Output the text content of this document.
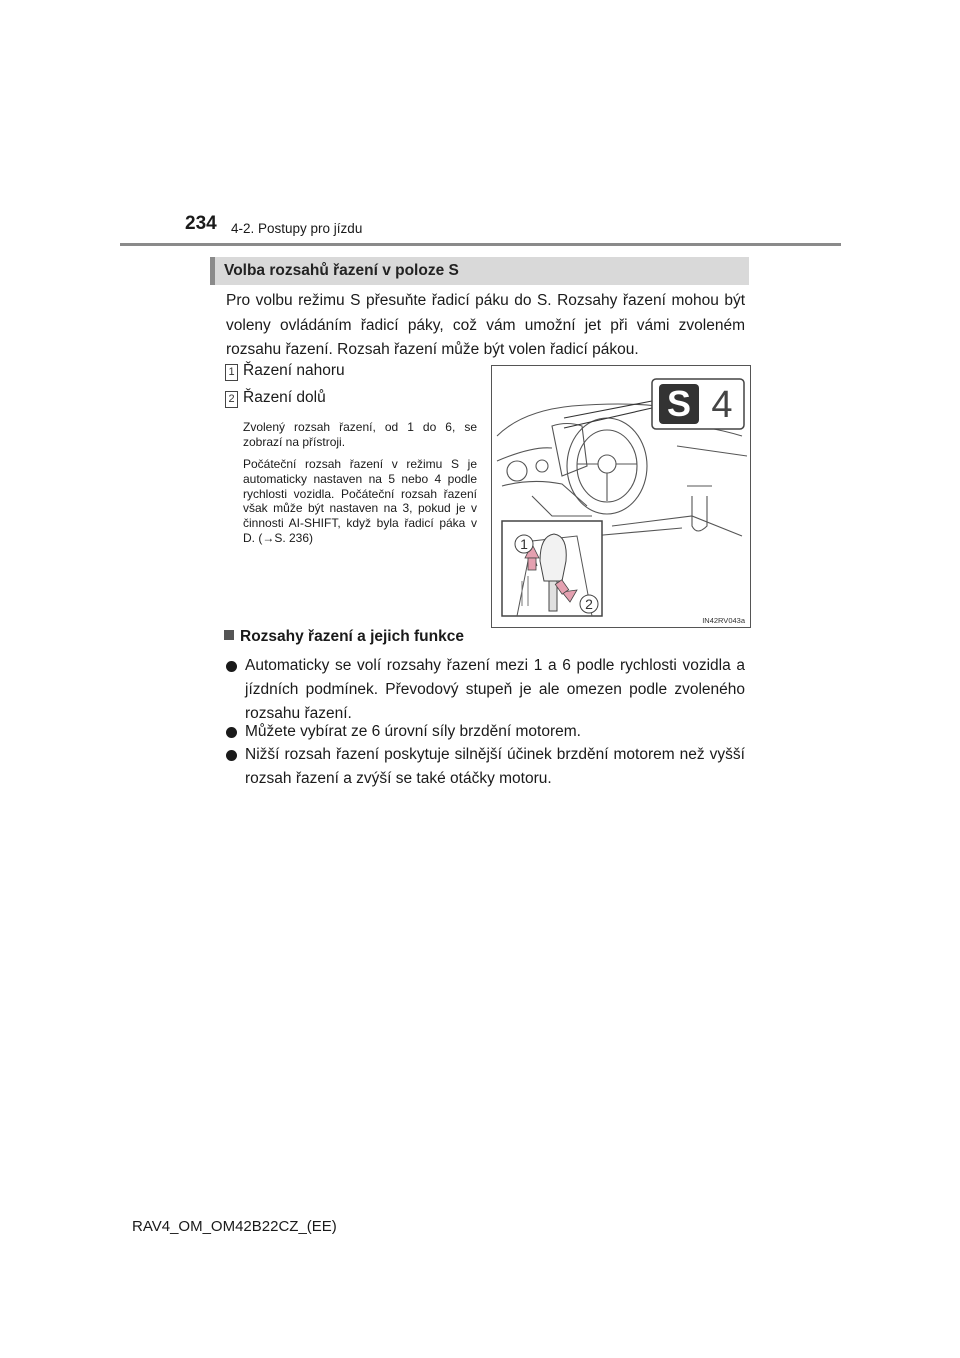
234 4-2. Postupy pro jízdu
Volba rozsahů řazení v poloze S
Pro volbu režimu S přesuňte řadicí páku do S. Rozsahy řazení mohou být voleny ovládáním řadicí páky, což vám umožní jet při vámi zvoleném rozsahu řazení. Rozsah řazení může být volen řadicí pákou.
1 Řazení nahoru
2 Řazení dolů
Zvolený rozsah řazení, od 1 do 6, se zobrazí na přístroji.
Počáteční rozsah řazení v režimu S je automaticky nastaven na 5 nebo 4 podle rychlosti vozidla. Počáteční rozsah řazení však může být nastaven na 3, pokud je v činnosti AI-SHIFT, když byla řadicí páka v D. (→S. 236)
S 4
1
2
IN42RV043a
Rozsahy řazení a jejich funkce
Automaticky se volí rozsahy řazení mezi 1 a 6 podle rychlosti vozidla a jízdních podmínek. Převodový stupeň je ale omezen podle zvoleného rozsahu řazení.
Můžete vybírat ze 6 úrovní síly brzdění motorem.
Nižší rozsah řazení poskytuje silnější účinek brzdění motorem než vyšší rozsah řazení a zvýší se také otáčky motoru.
RAV4_OM_OM42B22CZ_(EE)
